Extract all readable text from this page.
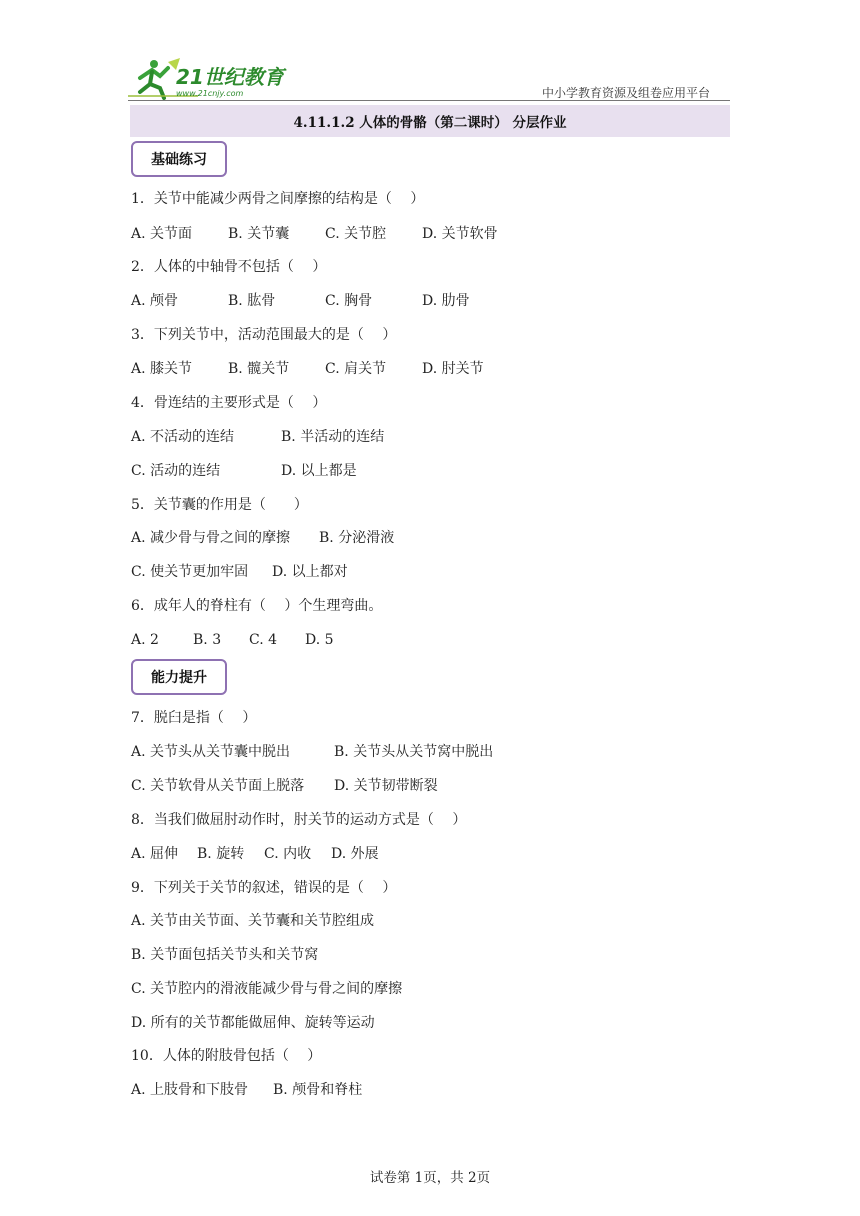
21世纪教育
www.21cnjy.com	中小学教育资源及组卷应用平台
4.11.1.2 人体的骨骼（第二课时） 分层作业
基础练习
1．关节中能减少两骨之间摩擦的结构是（　 ）
A. 关节面	B. 关节囊	C. 关节腔	D. 关节软骨
2．人体的中轴骨不包括（　 ）
A. 颅骨	B. 肱骨	C. 胸骨	D. 肋骨
3．下列关节中，活动范围最大的是（　 ）
A. 膝关节	B. 髋关节	C. 肩关节	D. 肘关节
4．骨连结的主要形式是（　 ）
A. 不活动的连结	B. 半活动的连结
C. 活动的连结	D. 以上都是
5．关节囊的作用是（　　）
A. 减少骨与骨之间的摩擦 B. 分泌滑液
C. 使关节更加牢固 D. 以上都对
6．成年人的脊柱有（　 ）个生理弯曲。
A. 2 B. 3 C. 4 D. 5
能力提升
7．脱臼是指（　 ）
A. 关节头从关节囊中脱出	B. 关节头从关节窝中脱出
C. 关节软骨从关节面上脱落 D. 关节韧带断裂
8．当我们做屈肘动作时，肘关节的运动方式是（　 ）
A. 屈伸 B. 旋转 C. 内收 D. 外展
9．下列关于关节的叙述，错误的是（　 ）
A. 关节由关节面、关节囊和关节腔组成
B. 关节面包括关节头和关节窝
C. 关节腔内的滑液能减少骨与骨之间的摩擦
D. 所有的关节都能做屈伸、旋转等运动
10．人体的附肢骨包括（　 ）
A. 上肢骨和下肢骨 B. 颅骨和脊柱
试卷第 1页，共 2页
